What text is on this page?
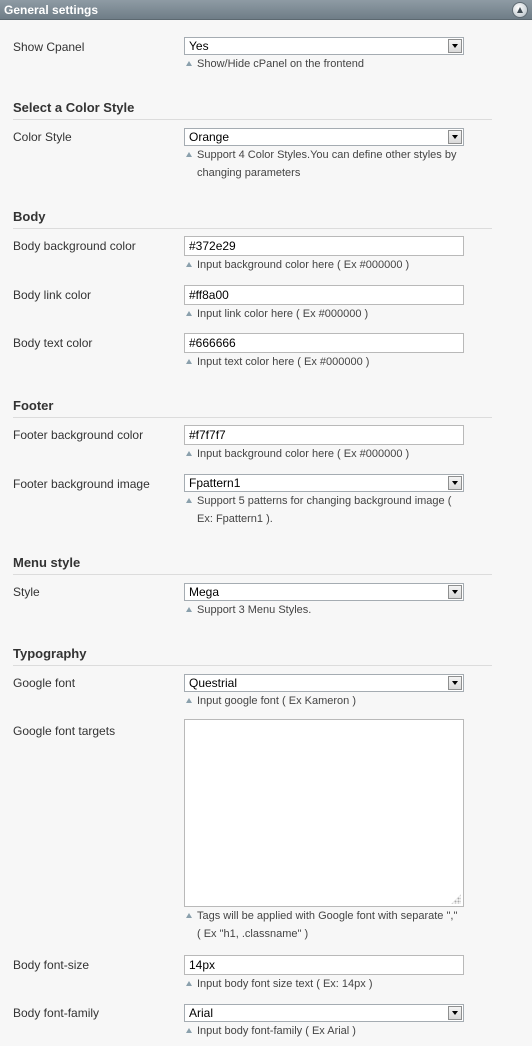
General settings
Show Cpanel	Yes
Show/Hide cPanel on the frontend
Select a Color Style
Color Style	Orange
Support 4 Color Styles.You can define other styles by
changing parameters
Body
Body background color	#372e29
Input background color here ( Ex #000000 )
Body link color	#ff8a00
Input link color here ( Ex #000000 )
Body text color	#666666
Input text color here ( Ex #000000 )
Footer
Footer background color	#f7f7f7
Input background color here ( Ex #000000 )
Footer background image	Fpattern1
Support 5 patterns for changing background image (
Ex: Fpattern1 ).
Menu style
Style	Mega
Support 3 Menu Styles.
Typography
Google font	Questrial
Input google font ( Ex Kameron )
Google font targets
Tags will be applied with Google font with separate ","
( Ex "h1, .classname" )
Body font-size	14px
Input body font size text ( Ex: 14px )
Body font-family	Arial
Input body font-family ( Ex Arial )
